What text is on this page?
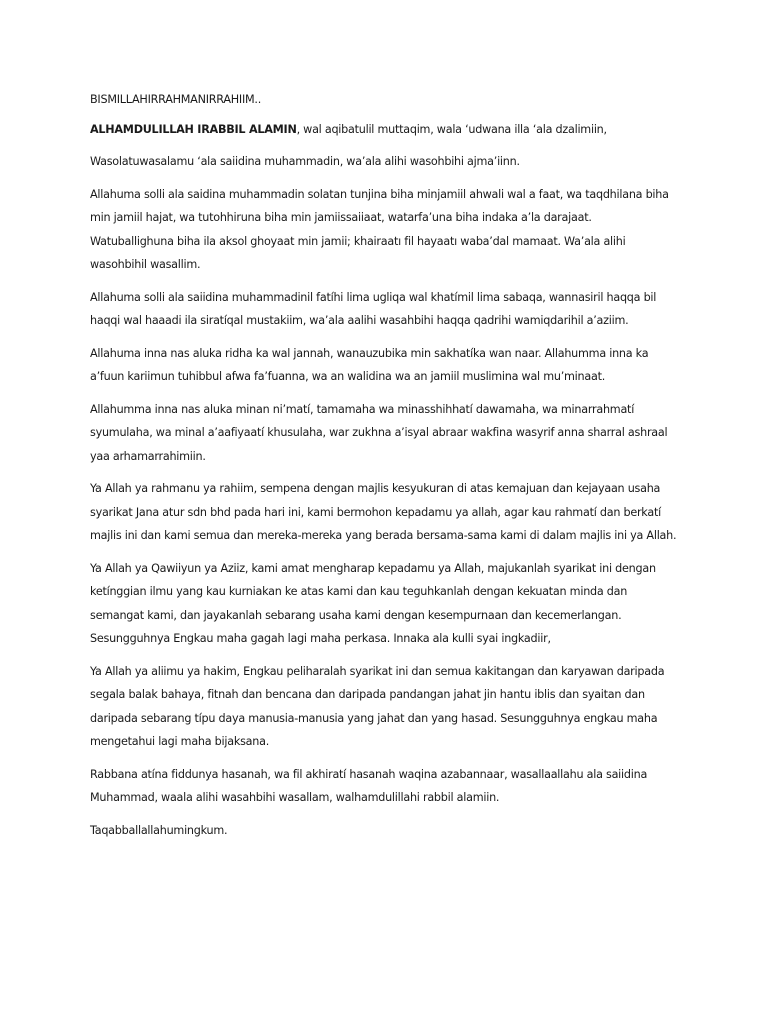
BISMILLAHIRRAHMANIRRAHIIM..

ALHAMDULILLAH IRABBIL ALAMIN, wal aqibatulil muttaqim, wala ‘udwana illa ‘ala dzalimiin,

Wasolatuwasalamu ‘ala saiidina muhammadin, wa’ala alihi wasohbihi ajma’iinn.

Allahuma solli ala saidina muhammadin solatan tunjina biha minjamiil ahwali wal a faat, wa taqdhilana biha min jamiil hajat, wa tutohhiruna biha min jamiissaiiaat, watarfa’una biha indaka a’la darajaat. Watuballighuna biha ila aksol ghoyaat min jamii; khairaatı fil hayaatı waba’dal mamaat. Wa’ala alihi wasohbihil wasallim.

Allahuma solli ala saiidina muhammadinil fatı́hi lima ugliqa wal khatı́mil lima sabaqa, wannasiril haqqa bil haqqi wal haaadi ila siratı́qal mustakiim, wa’ala aalihi wasahbihi haqqa qadrihi wamiqdarihil a’aziim.

Allahuma inna nas aluka ridha ka wal jannah, wanauzubika min sakhatı́ka wan naar. Allahumma inna ka a’fuun kariimun tuhibbul afwa fa’fuanna, wa an walidina wa an jamiil muslimina wal mu’minaat.

Allahumma inna nas aluka minan ni’matı́, tamamaha wa minasshihhatı́ dawamaha, wa minarrahmatı́ syumulaha, wa minal a’aafiyaatı́ khusulaha, war zukhna a’isyal abraar wakfina wasyrif anna sharral ashraal yaa arhamarrahimiin.

Ya Allah ya rahmanu ya rahiim, sempena dengan majlis kesyukuran di atas kemajuan dan kejayaan usaha syarikat Jana atur sdn bhd pada hari ini, kami bermohon kepadamu ya allah, agar kau rahmatı́ dan berkatı́ majlis ini dan kami semua dan mereka-mereka yang berada bersama-sama kami di dalam majlis ini ya Allah.

Ya Allah ya Qawiiyun ya Aziiz, kami amat mengharap kepadamu ya Allah, majukanlah syarikat ini dengan ketı́nggian ilmu yang kau kurniakan ke atas kami dan kau teguhkanlah dengan kekuatan minda dan semangat kami, dan jayakanlah sebarang usaha kami dengan kesempurnaan dan kecemerlangan. Sesungguhnya Engkau maha gagah lagi maha perkasa. Innaka ala kulli syai ingkadiir,

Ya Allah ya aliimu ya hakim, Engkau peliharalah syarikat ini dan semua kakitangan dan karyawan daripada segala balak bahaya, fitnah dan bencana dan daripada pandangan jahat jin hantu iblis dan syaitan dan daripada sebarang tı́pu daya manusia-manusia yang jahat dan yang hasad. Sesungguhnya engkau maha mengetahui lagi maha bijaksana.

Rabbana atı́na fiddunya hasanah, wa fil akhiratı́ hasanah waqina azabannaar, wasallaallahu ala saiidina Muhammad, waala alihi wasahbihi wasallam, walhamdulillahi rabbil alamiin.

Taqabballallahumingkum.
